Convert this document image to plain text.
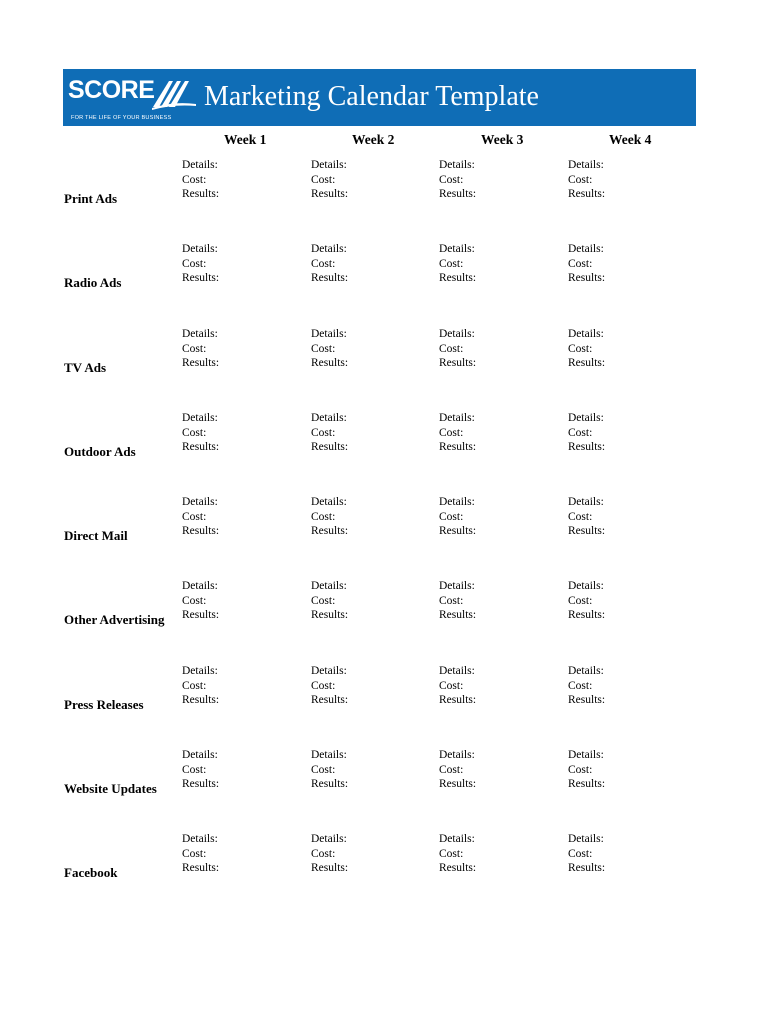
SCORE
FOR THE LIFE OF YOUR BUSINESS
Marketing Calendar Template
Week 1	Week 2	Week 3	Week 4
Print Ads
Details:
Cost:
Results:
Details:
Cost:
Results:
Details:
Cost:
Results:
Details:
Cost:
Results:
Radio Ads
Details:
Cost:
Results:
Details:
Cost:
Results:
Details:
Cost:
Results:
Details:
Cost:
Results:
TV Ads
Details:
Cost:
Results:
Details:
Cost:
Results:
Details:
Cost:
Results:
Details:
Cost:
Results:
Outdoor Ads
Details:
Cost:
Results:
Details:
Cost:
Results:
Details:
Cost:
Results:
Details:
Cost:
Results:
Direct Mail
Details:
Cost:
Results:
Details:
Cost:
Results:
Details:
Cost:
Results:
Details:
Cost:
Results:
Other Advertising
Details:
Cost:
Results:
Details:
Cost:
Results:
Details:
Cost:
Results:
Details:
Cost:
Results:
Press Releases
Details:
Cost:
Results:
Details:
Cost:
Results:
Details:
Cost:
Results:
Details:
Cost:
Results:
Website Updates
Details:
Cost:
Results:
Details:
Cost:
Results:
Details:
Cost:
Results:
Details:
Cost:
Results:
Facebook
Details:
Cost:
Results:
Details:
Cost:
Results:
Details:
Cost:
Results:
Details:
Cost:
Results:
